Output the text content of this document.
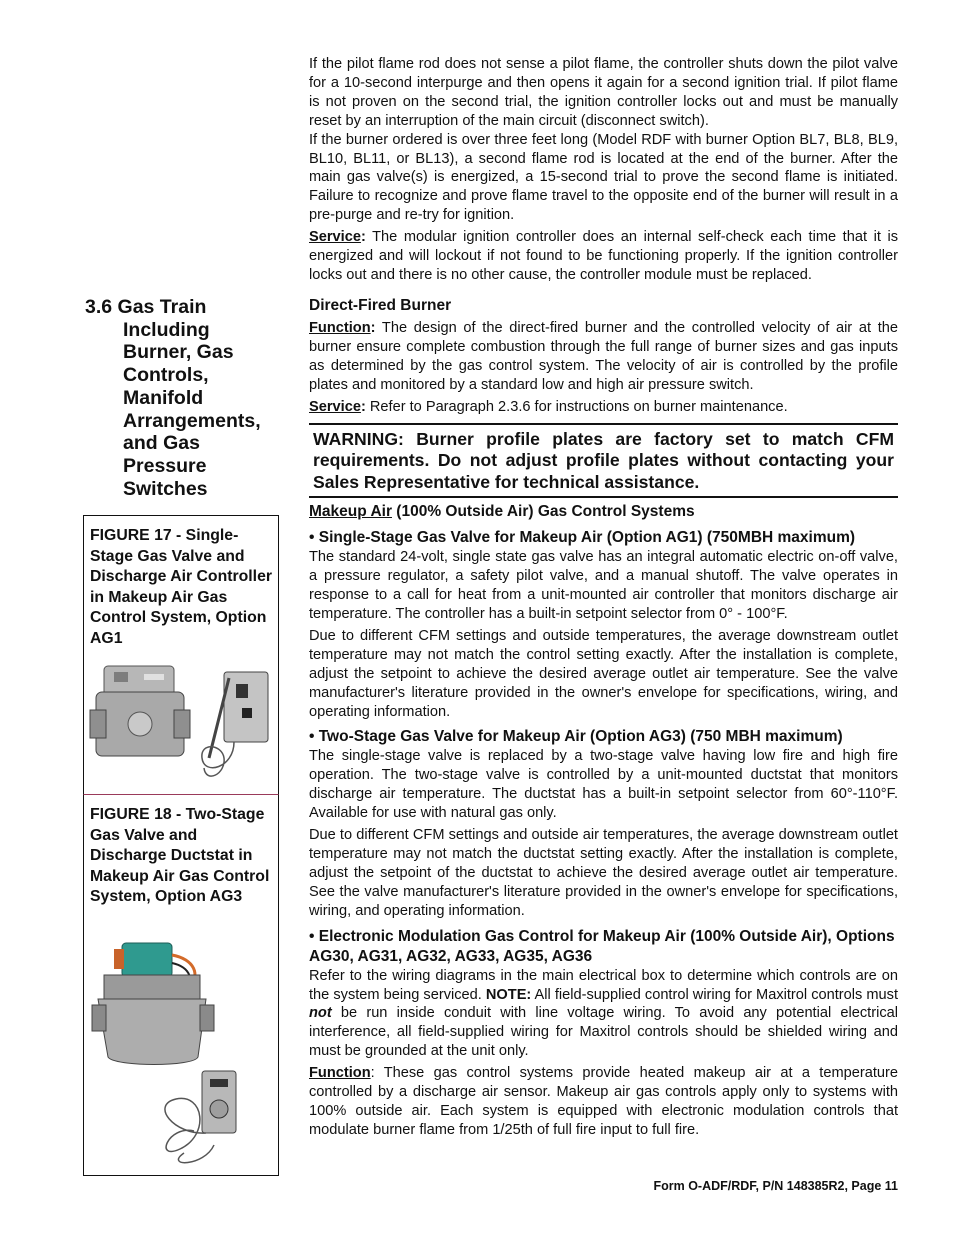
If the pilot flame rod does not sense a pilot flame, the controller shuts down the pilot valve for a 10-second interpurge and then opens it again for a second ignition trial. If pilot flame is not proven on the second trial, the ignition controller locks out and must be manually reset by an interruption of the main circuit (disconnect switch).

If the burner ordered is over three feet long (Model RDF with burner Option BL7, BL8, BL9, BL10, BL11, or BL13), a second flame rod is located at the end of the burner. After the main gas valve(s) is energized, a 15-second trial to prove the second flame is initiated. Failure to recognize and prove flame travel to the opposite end of the burner will result in a pre-purge and re-try for ignition.

Service: The modular ignition controller does an internal self-check each time that it is energized and will lockout if not found to be functioning properly. If the ignition controller locks out and there is no other cause, the controller module must be replaced.

3.6 Gas Train
Including
Burner, Gas
Controls,
Manifold
Arrangements,
and Gas
Pressure
Switches
FIGURE 17 - Single-Stage Gas Valve and Discharge Air Controller in Makeup Air Gas Control System, Option AG1
FIGURE 18 - Two-Stage Gas Valve and Discharge Ductstat in Makeup Air Gas Control System, Option AG3
Direct-Fired Burner

Function: The design of the direct-fired burner and the controlled velocity of air at the burner ensure complete combustion through the full range of burner sizes and gas inputs as determined by the gas control system. The velocity of air is controlled by the profile plates and monitored by a standard low and high air pressure switch.

Service: Refer to Paragraph 2.3.6 for instructions on burner maintenance.

WARNING: Burner profile plates are factory set to match CFM requirements. Do not adjust profile plates without contacting your Sales Representative for technical assistance.

Makeup Air (100% Outside Air) Gas Control Systems

• Single-Stage Gas Valve for Makeup Air (Option AG1) (750MBH maximum)

The standard 24-volt, single state gas valve has an integral automatic electric on-off valve, a pressure regulator, a safety pilot valve, and a manual shutoff. The valve operates in response to a call for heat from a unit-mounted air controller that monitors discharge air temperature. The controller has a built-in setpoint selector from 0° - 100°F.

Due to different CFM settings and outside temperatures, the average downstream outlet temperature may not match the control setting exactly. After the installation is complete, adjust the setpoint to achieve the desired average outlet air temperature. See the valve manufacturer's literature provided in the owner's envelope for specifications, wiring, and operating information.

• Two-Stage Gas Valve for Makeup Air (Option AG3) (750 MBH maximum)

The single-stage valve is replaced by a two-stage valve having low fire and high fire operation. The two-stage valve is controlled by a unit-mounted ductstat that monitors discharge air temperature. The ductstat has a built-in setpoint selector from 60°-110°F. Available for use with natural gas only.

Due to different CFM settings and outside air temperatures, the average downstream outlet temperature may not match the ductstat setting exactly. After the installation is complete, adjust the setpoint of the ductstat to achieve the desired average outlet air temperature. See the valve manufacturer's literature provided in the owner's envelope for specifications, wiring, and operating information.

• Electronic Modulation Gas Control for Makeup Air (100% Outside Air), Options AG30, AG31, AG32, AG33, AG35, AG36

Refer to the wiring diagrams in the main electrical box to determine which controls are on the system being serviced. NOTE: All field-supplied control wiring for Maxitrol controls must not be run inside conduit with line voltage wiring. To avoid any potential electrical interference, all field-supplied wiring for Maxitrol controls should be shielded wiring and must be grounded at the unit only.

Function: These gas control systems provide heated makeup air at a temperature controlled by a discharge air sensor. Makeup air gas controls apply only to systems with 100% outside air. Each system is equipped with electronic modulation controls that modulate burner flame from 1/25th of full fire input to full fire.

Form O-ADF/RDF, P/N 148385R2, Page 11
